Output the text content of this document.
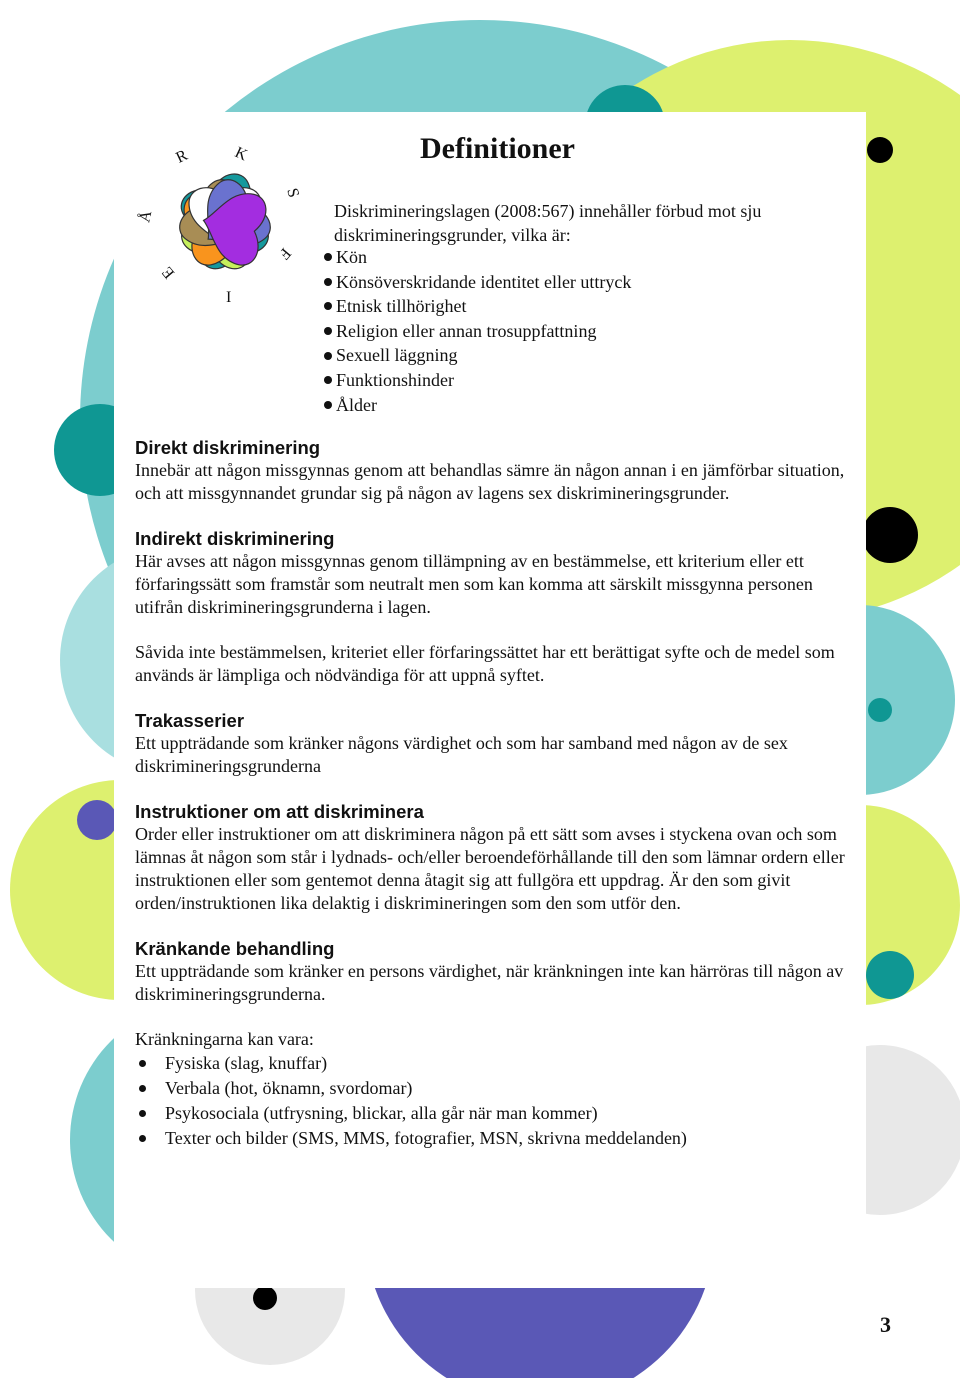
R	K
S
F
I
E
Å
Definitioner

Diskrimineringslagen (2008:567) innehåller förbud mot sju diskrimineringsgrunder, vilka är:

Kön
Könsöverskridande identitet eller uttryck
Etnisk tillhörighet
Religion eller annan trosuppfattning
Sexuell läggning
Funktionshinder
Ålder
Direkt diskriminering

Innebär att någon missgynnas genom att behandlas sämre än någon annan i en jämförbar situation, och att missgynnandet grundar sig på någon av lagens sex diskrimineringsgrunder.

Indirekt diskriminering

Här avses att någon missgynnas genom tillämpning av en bestämmelse, ett kriterium eller ett förfaringssätt som framstår som neutralt men som kan komma att särskilt missgynna personen utifrån diskrimineringsgrunderna i lagen.

Såvida inte bestämmelsen, kriteriet eller förfaringssättet har ett berättigat syfte och de medel som används är lämpliga och nödvändiga för att uppnå syftet.

Trakasserier

Ett uppträdande som kränker någons värdighet och som har samband med någon av de sex diskrimineringsgrunderna

Instruktioner om att diskriminera

Order eller instruktioner om att diskriminera någon på ett sätt som avses i styckena ovan och som lämnas åt någon som står i lydnads- och/eller beroendeförhållande till den som lämnar ordern eller instruktionen eller som gentemot denna åtagit sig att fullgöra ett uppdrag. Är den som givit orden/instruktionen lika delaktig i diskrimineringen som den som utför den.

Kränkande behandling

Ett uppträdande som kränker en persons värdighet, när kränkningen inte kan härröras till någon av diskrimineringsgrunderna.

Kränkningarna kan vara:

Fysiska (slag, knuffar)
Verbala (hot, öknamn, svordomar)
Psykosociala (utfrysning, blickar, alla går när man kommer)
Texter och bilder (SMS, MMS, fotografier, MSN, skrivna meddelanden)
3
